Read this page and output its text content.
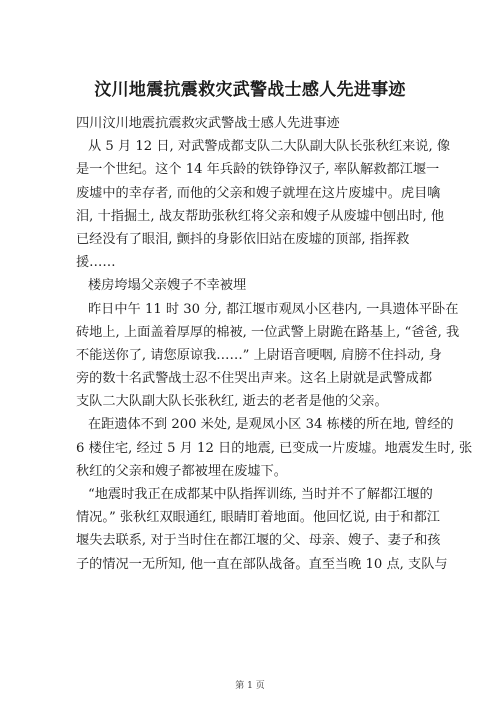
汶川地震抗震救灾武警战士感人先进事迹
四川汶川地震抗震救灾武警战士感人先进事迹
从 5 月 12 日, 对武警成都支队二大队副大队长张秋红来说, 像
是一个世纪。这个 14 年兵龄的铁铮铮汉子, 率队解救都江堰一
废墟中的幸存者, 而他的父亲和嫂子就埋在这片废墟中。虎目噙
泪, 十指掘土, 战友帮助张秋红将父亲和嫂子从废墟中刨出时, 他
已经没有了眼泪, 颤抖的身影依旧站在废墟的顶部, 指挥救
援……
楼房垮塌父亲嫂子不幸被埋
昨日中午 11 时 30 分, 都江堰市观凤小区巷内, 一具遗体平卧在
砖地上, 上面盖着厚厚的棉被, 一位武警上尉跪在路基上, “爸爸, 我
不能送你了, 请您原谅我……” 上尉语音哽咽, 肩膀不住抖动, 身
旁的数十名武警战士忍不住哭出声来。这名上尉就是武警成都
支队二大队副大队长张秋红, 逝去的老者是他的父亲。
在距遗体不到 200 米处, 是观凤小区 34 栋楼的所在地, 曾经的
6 楼住宅, 经过 5 月 12 日的地震, 已变成一片废墟。地震发生时, 张
秋红的父亲和嫂子都被埋在废墟下。
“地震时我正在成都某中队指挥训练, 当时并不了解都江堰的
情况。” 张秋红双眼通红, 眼睛盯着地面。他回忆说, 由于和都江
堰失去联系, 对于当时住在都江堰的父、母亲、嫂子、妻子和孩
子的情况一无所知, 他一直在部队战备。直至当晚 10 点, 支队与
第 1 页
